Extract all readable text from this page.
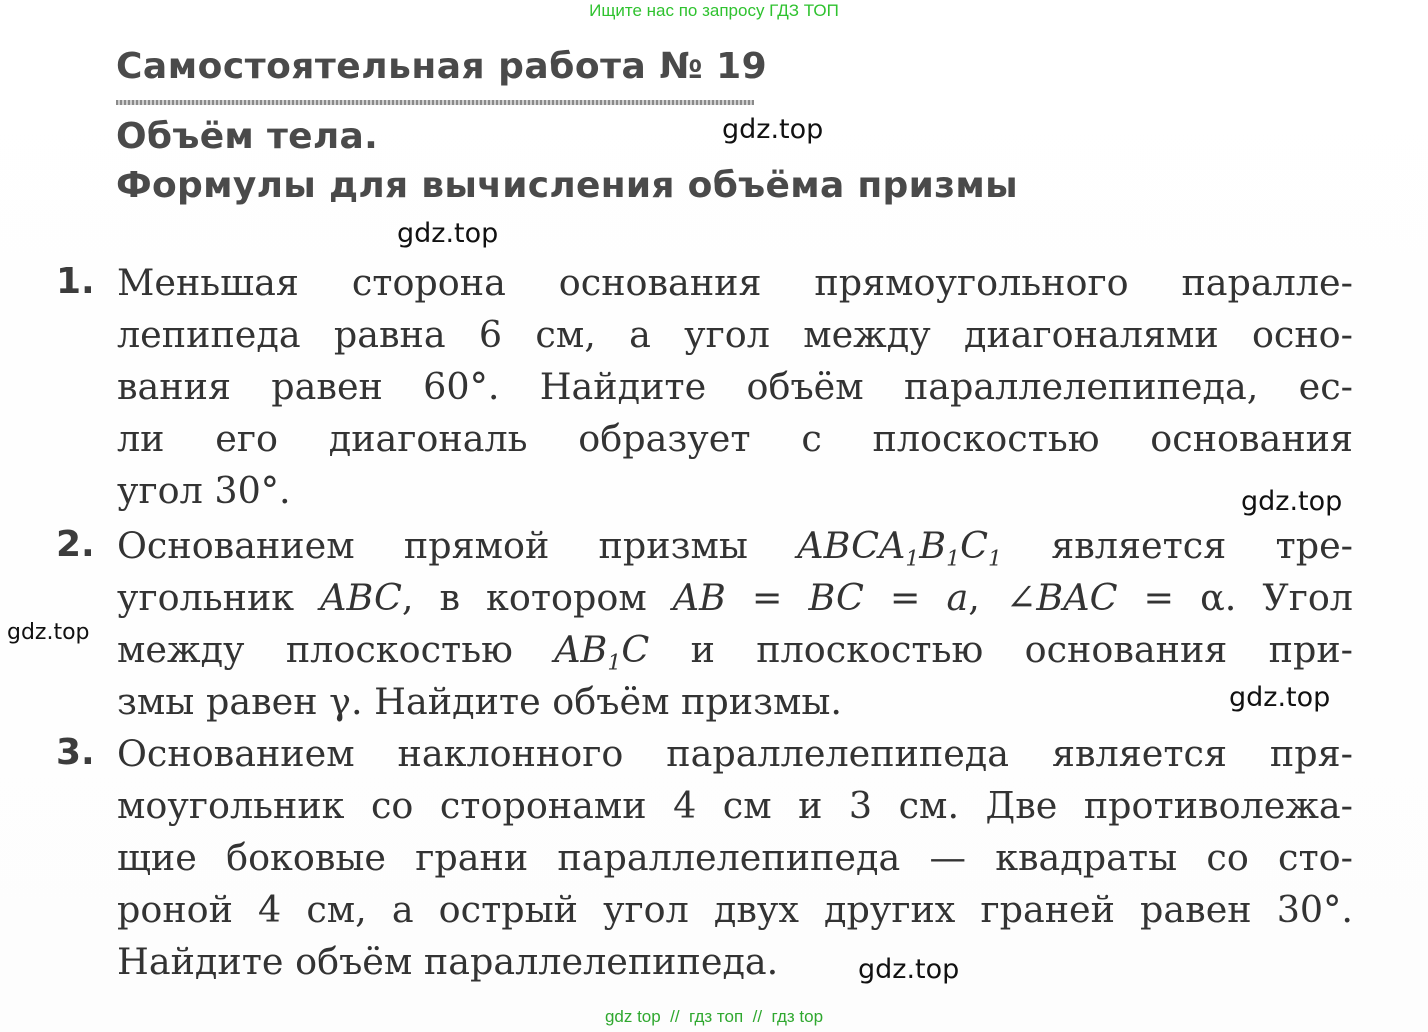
Ищите нас по запросу ГДЗ ТОП
Самостоятельная работа № 19
Объём тела.
Формулы для вычисления объёма призмы
1. Меньшая сторона основания прямоугольного паралле-
лепипеда равна 6 см, а угол между диагоналями осно-
вания равен 60°. Найдите объём параллелепипеда, ес-
ли его диагональ образует с плоскостью основания
угол 30°.
2. Основанием прямой призмы $ABCA_1B_1C_1$ является тре-
угольник ABC, в котором AB = BC = a, ∠BAC = α. Угол
между плоскостью $AB_1C$ и плоскостью основания при-
змы равен γ. Найдите объём призмы.
3. Основанием наклонного параллелепипеда является пря-
моугольник со сторонами 4 см и 3 см. Две противолежа-
щие боковые грани параллелепипеда — квадраты со сто-
роной 4 см, а острый угол двух других граней равен 30°.
Найдите объём параллелепипеда.
gdz.top
gdz.top
gdz.top
gdz.top
gdz.top
gdz.top
gdz top  //  гдз топ  //  гдз top
